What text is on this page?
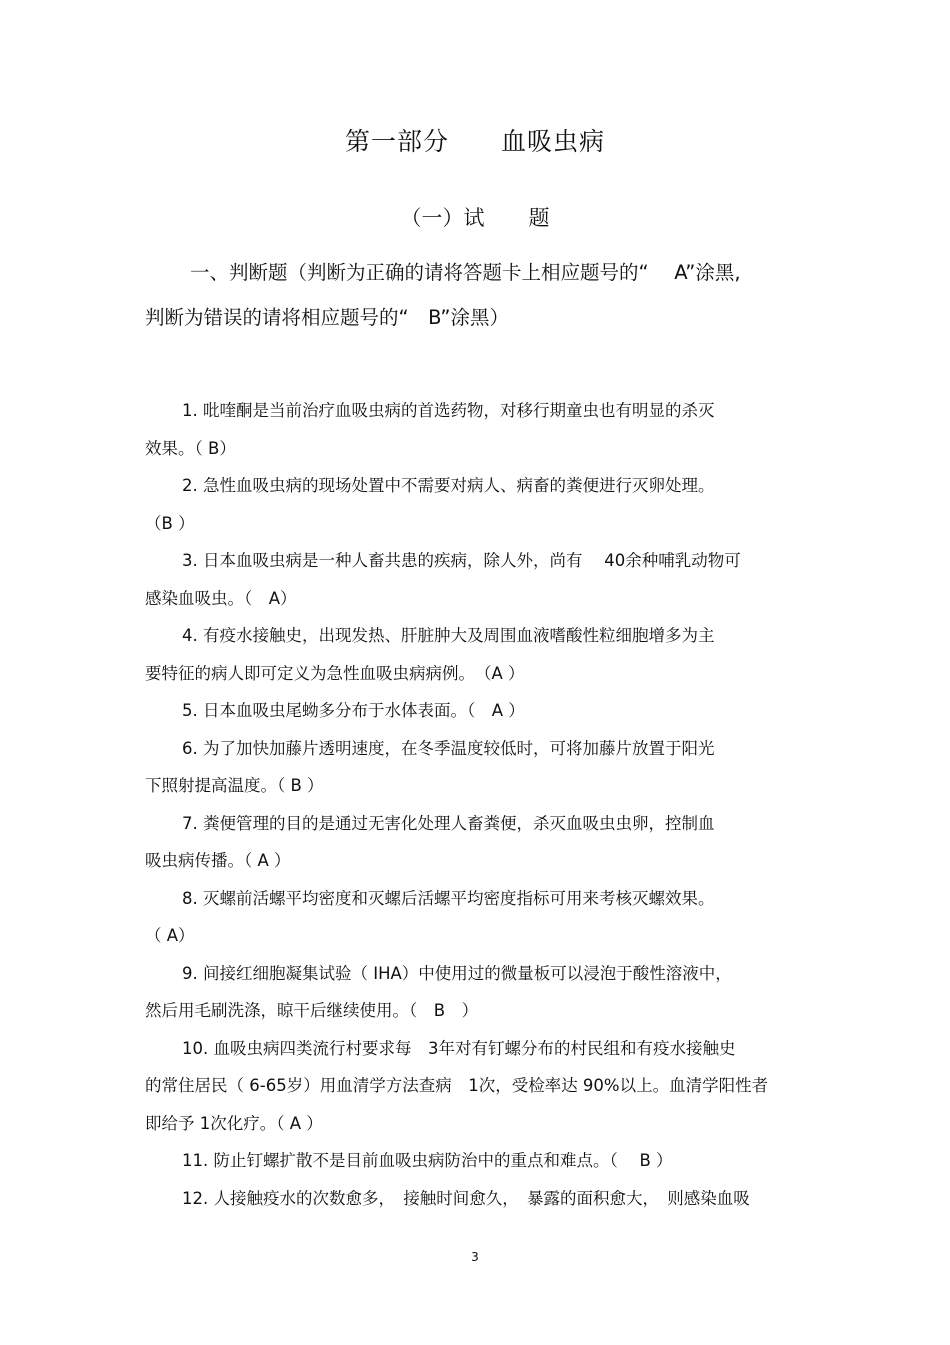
第一部分 血吸虫病
（一）试 题
一、判断题（判断为正确的请将答题卡上相应题号的“　 A”涂黑,
判断为错误的请将相应题号的“　B”涂黑）
1. 吡喹酮是当前治疗血吸虫病的首选药物，对移行期童虫也有明显的杀灭
效果。（ B）
2. 急性血吸虫病的现场处置中不需要对病人、病畜的粪便进行灭卵处理。
（B ）
3. 日本血吸虫病是一种人畜共患的疾病，除人外，尚有　 40余种哺乳动物可
感染血吸虫。（　A）
4. 有疫水接触史，出现发热、肝脏肿大及周围血液嗜酸性粒细胞增多为主
要特征的病人即可定义为急性血吸虫病病例。　（A ）
5. 日本血吸虫尾蚴多分布于水体表面。（　A ）
6. 为了加快加藤片透明速度，在冬季温度较低时，可将加藤片放置于阳光
下照射提高温度。（ B ）
7. 粪便管理的目的是通过无害化处理人畜粪便，杀灭血吸虫虫卵，控制血
吸虫病传播。（ A ）
8. 灭螺前活螺平均密度和灭螺后活螺平均密度指标可用来考核灭螺效果。
（ A）
9. 间接红细胞凝集试验（ IHA）中使用过的微量板可以浸泡于酸性溶液中，
然后用毛刷洗涤，晾干后继续使用。（　B　）
10. 血吸虫病四类流行村要求每　3年对有钉螺分布的村民组和有疫水接触史
的常住居民（ 6-65岁）用血清学方法查病　1次，受检率达 90%以上。血清学阳性者
即给予 1次化疗。（ A ）
11. 防止钉螺扩散不是目前血吸虫病防治中的重点和难点。（　 B ）
12. 人接触疫水的次数愈多，　接触时间愈久，　暴露的面积愈大，　则感染血吸
3
